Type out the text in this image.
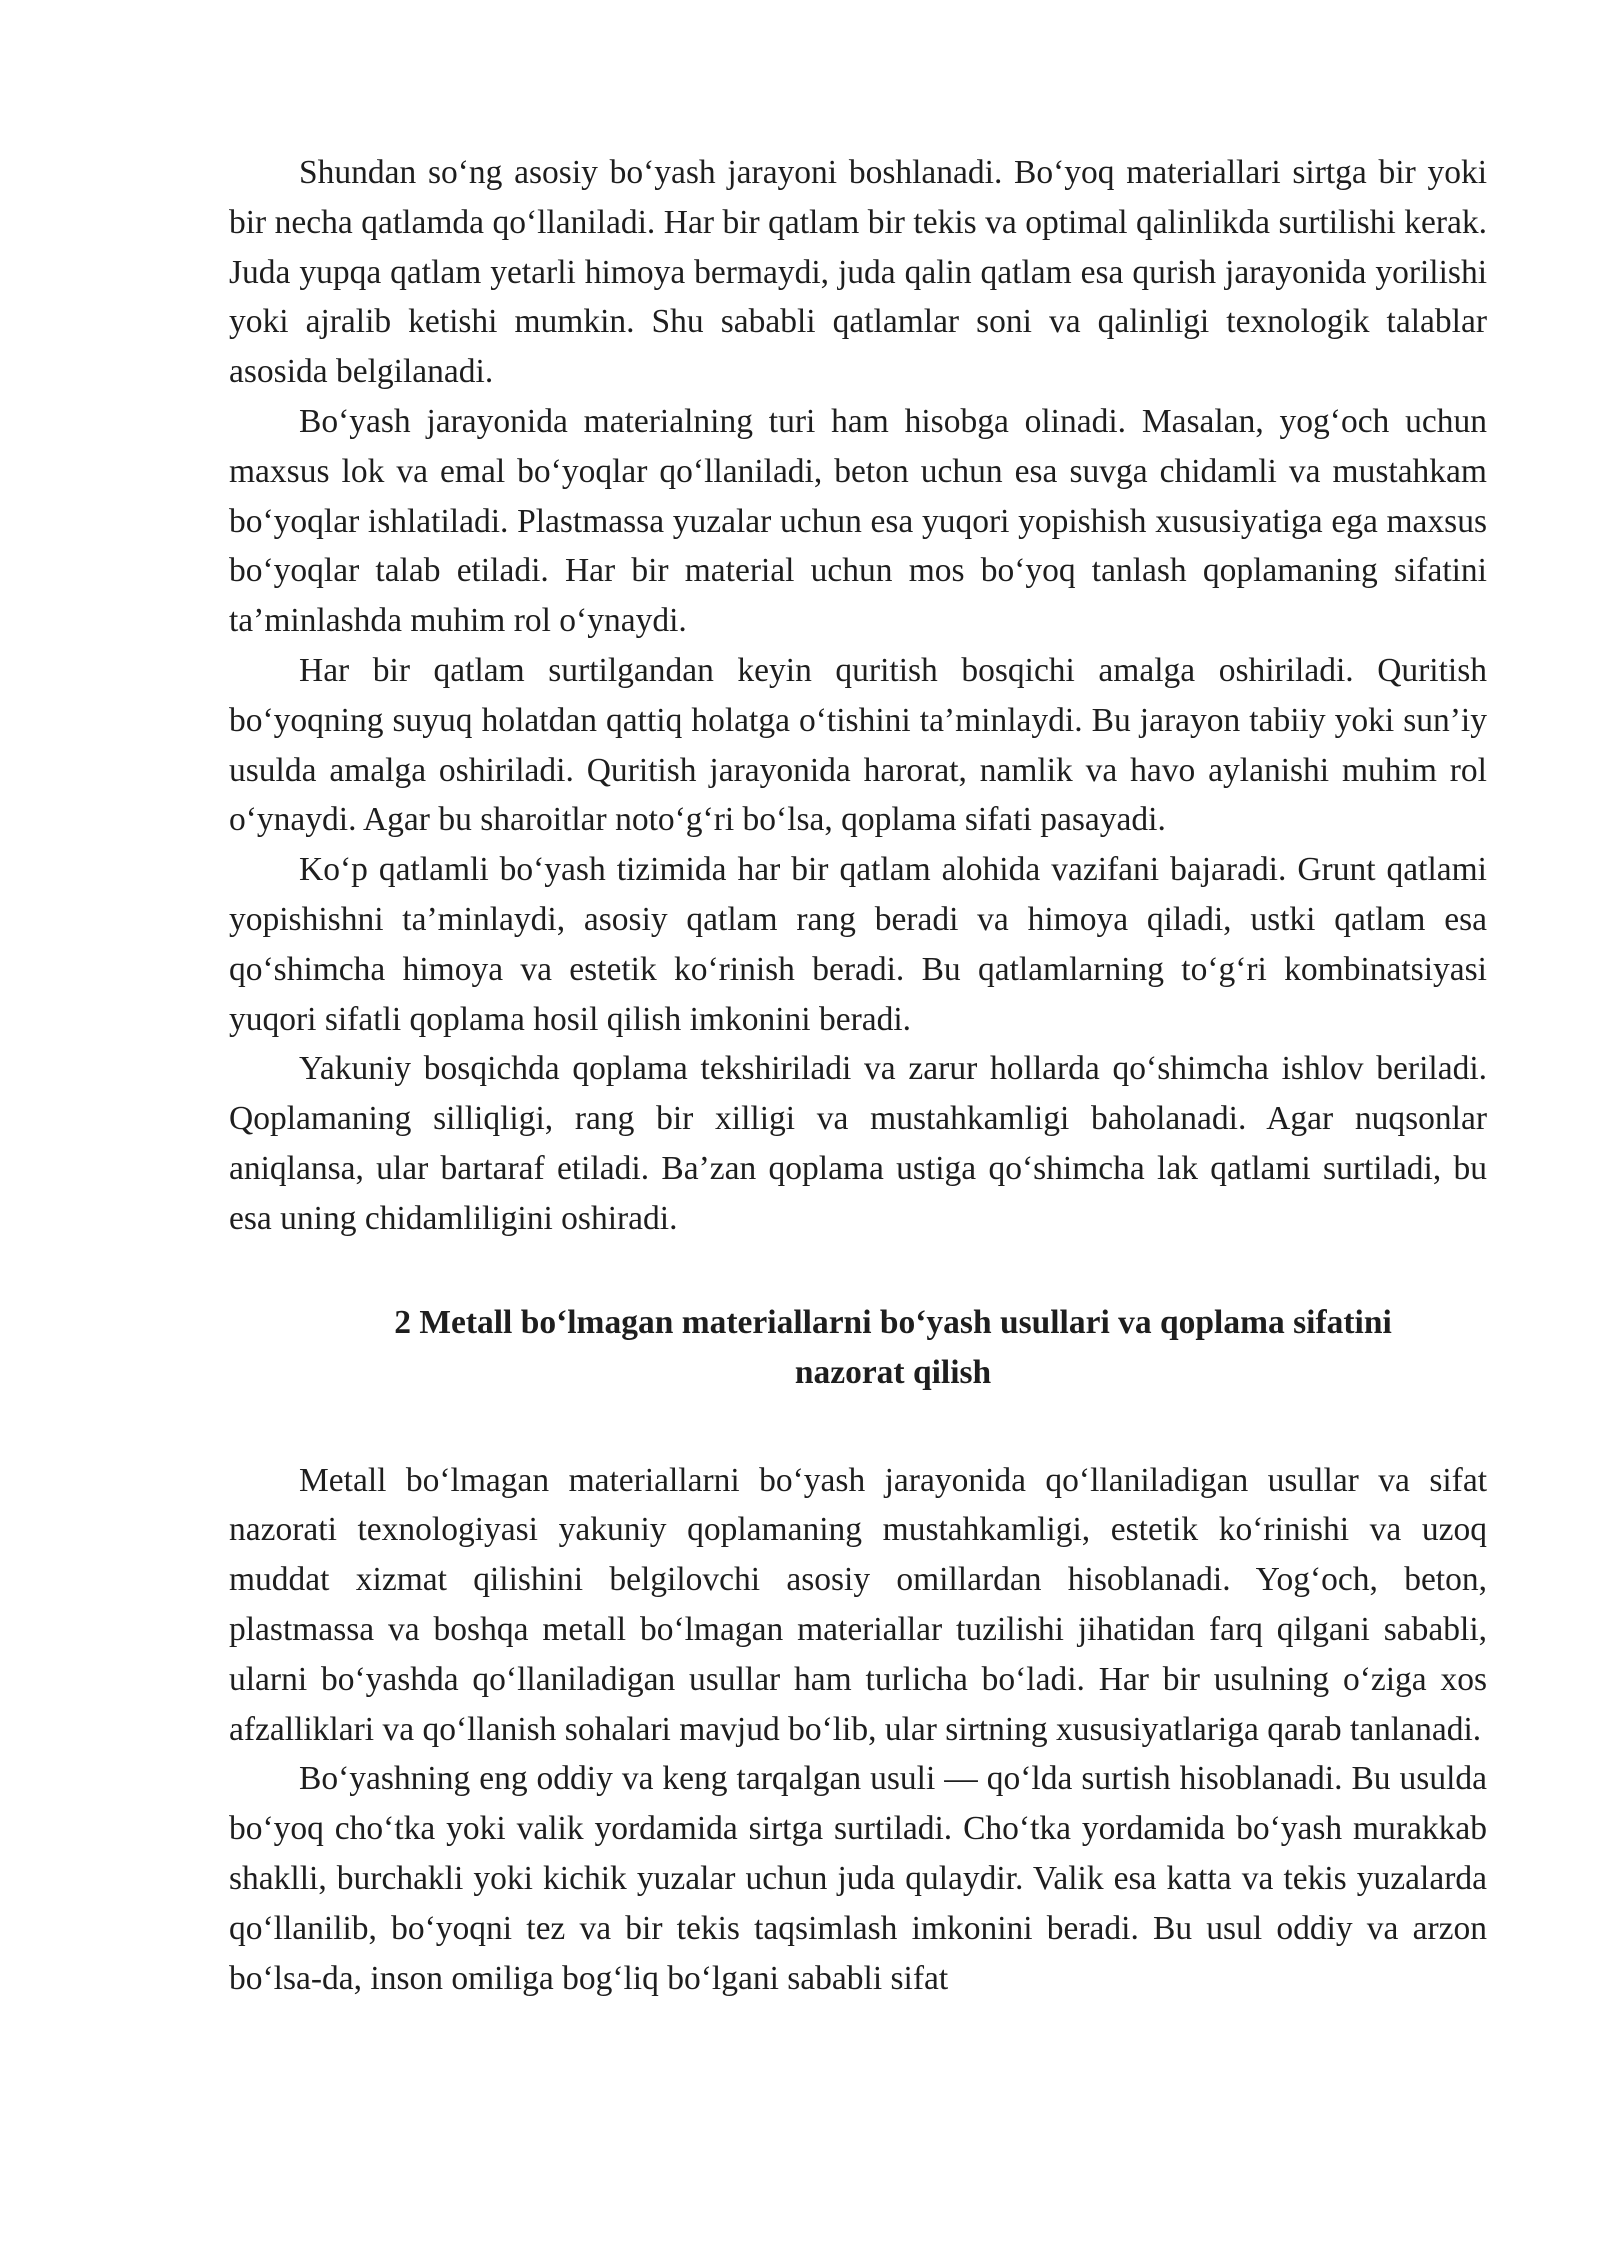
Shundan so‘ng asosiy bo‘yash jarayoni boshlanadi. Bo‘yoq materiallari sirtga bir yoki bir necha qatlamda qo‘llaniladi. Har bir qatlam bir tekis va optimal qalinlikda surtilishi kerak. Juda yupqa qatlam yetarli himoya bermaydi, juda qalin qatlam esa qurish jarayonida yorilishi yoki ajralib ketishi mumkin. Shu sababli qatlamlar soni va qalinligi texnologik talablar asosida belgilanadi.

Bo‘yash jarayonida materialning turi ham hisobga olinadi. Masalan, yog‘och uchun maxsus lok va emal bo‘yoqlar qo‘llaniladi, beton uchun esa suvga chidamli va mustahkam bo‘yoqlar ishlatiladi. Plastmassa yuzalar uchun esa yuqori yopishish xususiyatiga ega maxsus bo‘yoqlar talab etiladi. Har bir material uchun mos bo‘yoq tanlash qoplamaning sifatini ta’minlashda muhim rol o‘ynaydi.

Har bir qatlam surtilgandan keyin quritish bosqichi amalga oshiriladi. Quritish bo‘yoqning suyuq holatdan qattiq holatga o‘tishini ta’minlaydi. Bu jarayon tabiiy yoki sun’iy usulda amalga oshiriladi. Quritish jarayonida harorat, namlik va havo aylanishi muhim rol o‘ynaydi. Agar bu sharoitlar noto‘g‘ri bo‘lsa, qoplama sifati pasayadi.

Ko‘p qatlamli bo‘yash tizimida har bir qatlam alohida vazifani bajaradi. Grunt qatlami yopishishni ta’minlaydi, asosiy qatlam rang beradi va himoya qiladi, ustki qatlam esa qo‘shimcha himoya va estetik ko‘rinish beradi. Bu qatlamlarning to‘g‘ri kombinatsiyasi yuqori sifatli qoplama hosil qilish imkonini beradi.

Yakuniy bosqichda qoplama tekshiriladi va zarur hollarda qo‘shimcha ishlov beriladi. Qoplamaning silliqligi, rang bir xilligi va mustahkamligi baholanadi. Agar nuqsonlar aniqlansa, ular bartaraf etiladi. Ba’zan qoplama ustiga qo‘shimcha lak qatlami surtiladi, bu esa uning chidamliligini oshiradi.

2 Metall bo‘lmagan materiallarni bo‘yash usullari va qoplama sifatini
nazorat qilish

Metall bo‘lmagan materiallarni bo‘yash jarayonida qo‘llaniladigan usullar va sifat nazorati texnologiyasi yakuniy qoplamaning mustahkamligi, estetik ko‘rinishi va uzoq muddat xizmat qilishini belgilovchi asosiy omillardan hisoblanadi. Yog‘och, beton, plastmassa va boshqa metall bo‘lmagan materiallar tuzilishi jihatidan farq qilgani sababli, ularni bo‘yashda qo‘llaniladigan usullar ham turlicha bo‘ladi. Har bir usulning o‘ziga xos afzalliklari va qo‘llanish sohalari mavjud bo‘lib, ular sirtning xususiyatlariga qarab tanlanadi.

Bo‘yashning eng oddiy va keng tarqalgan usuli — qo‘lda surtish hisoblanadi. Bu usulda bo‘yoq cho‘tka yoki valik yordamida sirtga surtiladi. Cho‘tka yordamida bo‘yash murakkab shaklli, burchakli yoki kichik yuzalar uchun juda qulaydir. Valik esa katta va tekis yuzalarda qo‘llanilib, bo‘yoqni tez va bir tekis taqsimlash imkonini beradi. Bu usul oddiy va arzon bo‘lsa-da, inson omiliga bog‘liq bo‘lgani sababli sifat
